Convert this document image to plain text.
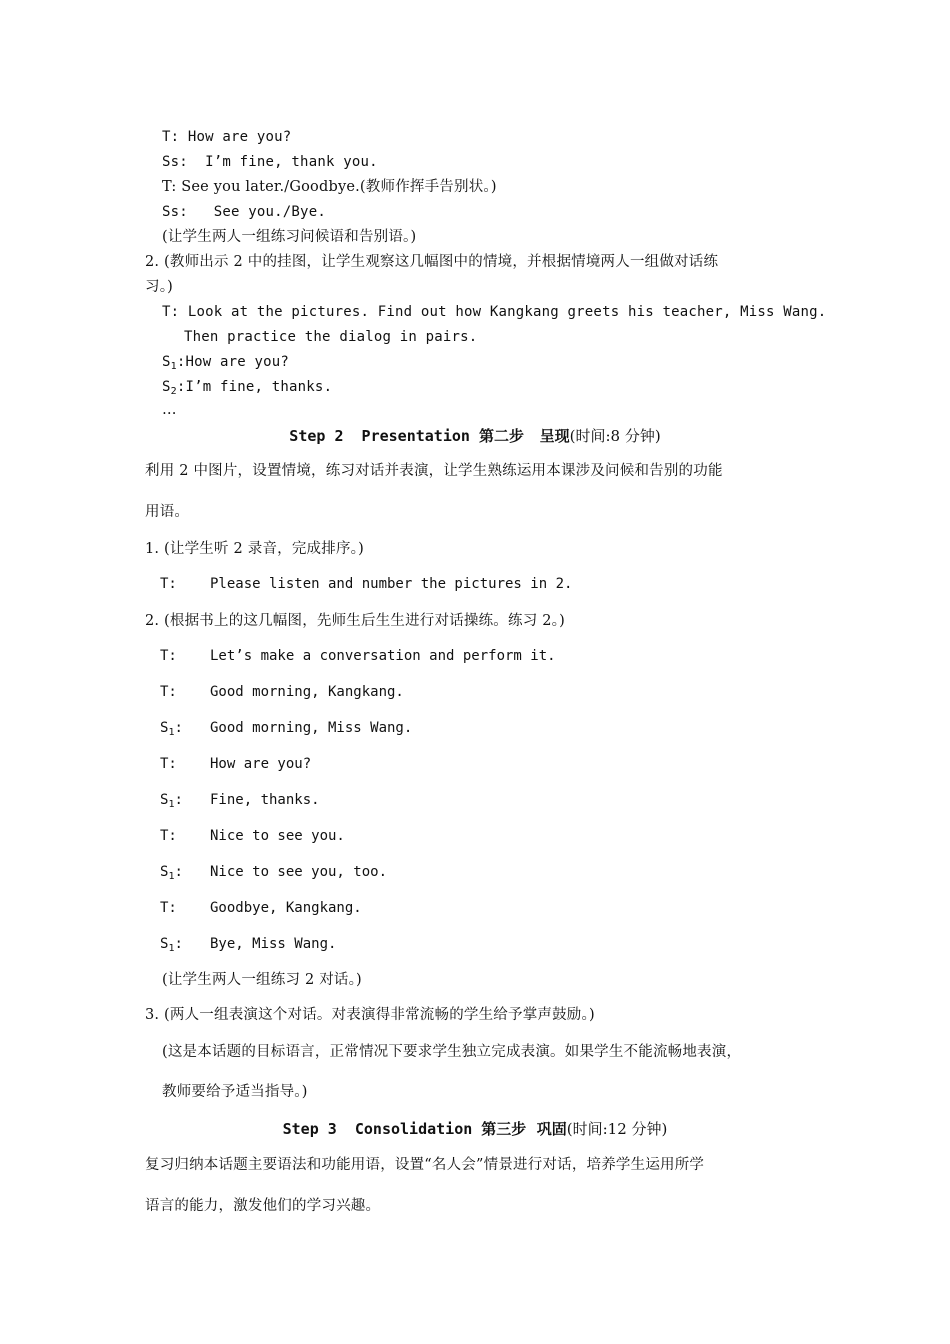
T: How are you?
Ss:  I’m fine, thank you.
T: See you later./Goodbye.(教师作挥手告别状。)
Ss:   See you./Bye.
(让学生两人一组练习问候语和告别语。)
2. (教师出示 2 中的挂图，让学生观察这几幅图中的情境，并根据情境两人一组做对话练
习。)
T: Look at the pictures. Find out how Kangkang greets his teacher, Miss Wang.
Then practice the dialog in pairs.
$S_1:How$ are you?
$S_2:I’m$ fine, thanks.
…
Step 2  Presentation 第二步   呈现(时间:8 分钟)
利用 2 中图片，设置情境，练习对话并表演，让学生熟练运用本课涉及问候和告别的功能
用语。
1. (让学生听 2 录音，完成排序。)

T:

	Please listen and number the pictures in 2.

2. (根据书上的这几幅图，先师生后生生进行对话操练。练习 2。)
T:	Let’s make a conversation and perform it.
T:	Good morning, Kangkang.
$S_1$:	Good morning, Miss Wang.
T:	How are you?
$S_1$:	Fine, thanks.
T:	Nice to see you.
$S_1$:	Nice to see you, too.
T:	Goodbye, Kangkang.
$S_1$:	Bye, Miss Wang.
(让学生两人一组练习 2 对话。)
3. (两人一组表演这个对话。对表演得非常流畅的学生给予掌声鼓励。)
(这是本话题的目标语言，正常情况下要求学生独立完成表演。如果学生不能流畅地表演，
教师要给予适当指导。)
Step 3  Consolidation 第三步  巩固(时间:12 分钟)
复习归纳本话题主要语法和功能用语，设置“名人会”情景进行对话，培养学生运用所学
语言的能力，激发他们的学习兴趣。
